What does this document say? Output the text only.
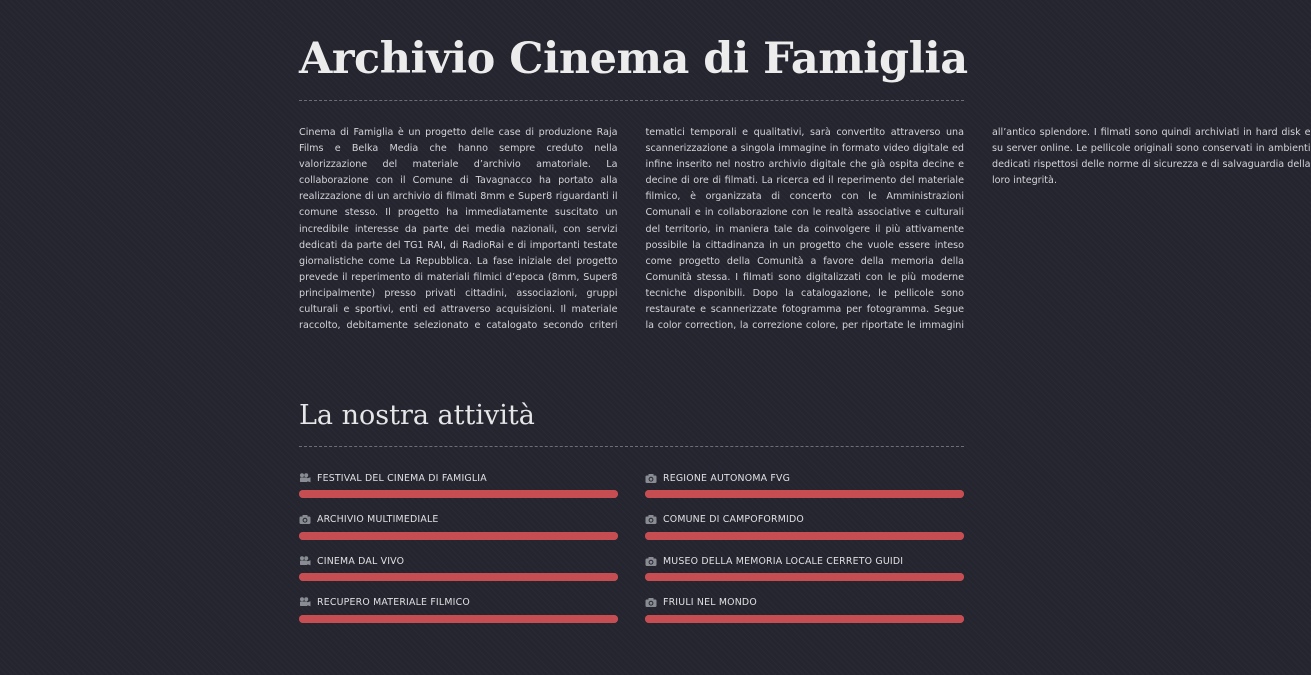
Archivio Cinema di Famiglia

Cinema di Famiglia è un progetto delle case di produzione Raja Films e Belka Media che hanno sempre creduto nella valorizzazione del materiale d’archivio amatoriale. La collaborazione con il Comune di Tavagnacco ha portato alla realizzazione di un archivio di filmati 8mm e Super8 riguardanti il comune stesso. Il progetto ha immediatamente suscitato un incredibile interesse da parte dei media nazionali, con servizi dedicati da parte del TG1 RAI, di RadioRai e di importanti testate giornalistiche come La Repubblica. La fase iniziale del progetto prevede il reperimento di materiali filmici d’epoca (8mm, Super8 principalmente) presso privati cittadini, associazioni, gruppi culturali e sportivi, enti ed attraverso acquisizioni. Il materiale raccolto, debitamente selezionato e catalogato secondo criteri tematici temporali e qualitativi, sarà convertito attraverso una scannerizzazione a singola immagine in formato video digitale ed infine inserito nel nostro archivio digitale che già ospita decine e decine di ore di filmati. La ricerca ed il reperimento del materiale filmico, è organizzata di concerto con le Amministrazioni Comunali e in collaborazione con le realtà associative e culturali del territorio, in maniera tale da coinvolgere il più attivamente possibile la cittadinanza in un progetto che vuole essere inteso come progetto della Comunità a favore della memoria della Comunità stessa. I filmati sono digitalizzati con le più moderne tecniche disponibili. Dopo la catalogazione, le pellicole sono restaurate e scannerizzate fotogramma per fotogramma. Segue la color correction, la correzione colore, per riportate le immagini all’antico splendore. I filmati sono quindi archiviati in hard disk e su server online. Le pellicole originali sono conservati in ambienti dedicati rispettosi delle norme di sicurezza e di salvaguardia della loro integrità.

La nostra attività
FESTIVAL DEL CINEMA DI FAMIGLIA
ARCHIVIO MULTIMEDIALE
CINEMA DAL VIVO
RECUPERO MATERIALE FILMICO
REGIONE AUTONOMA FVG
COMUNE DI CAMPOFORMIDO
MUSEO DELLA MEMORIA LOCALE CERRETO GUIDI
FRIULI NEL MONDO
